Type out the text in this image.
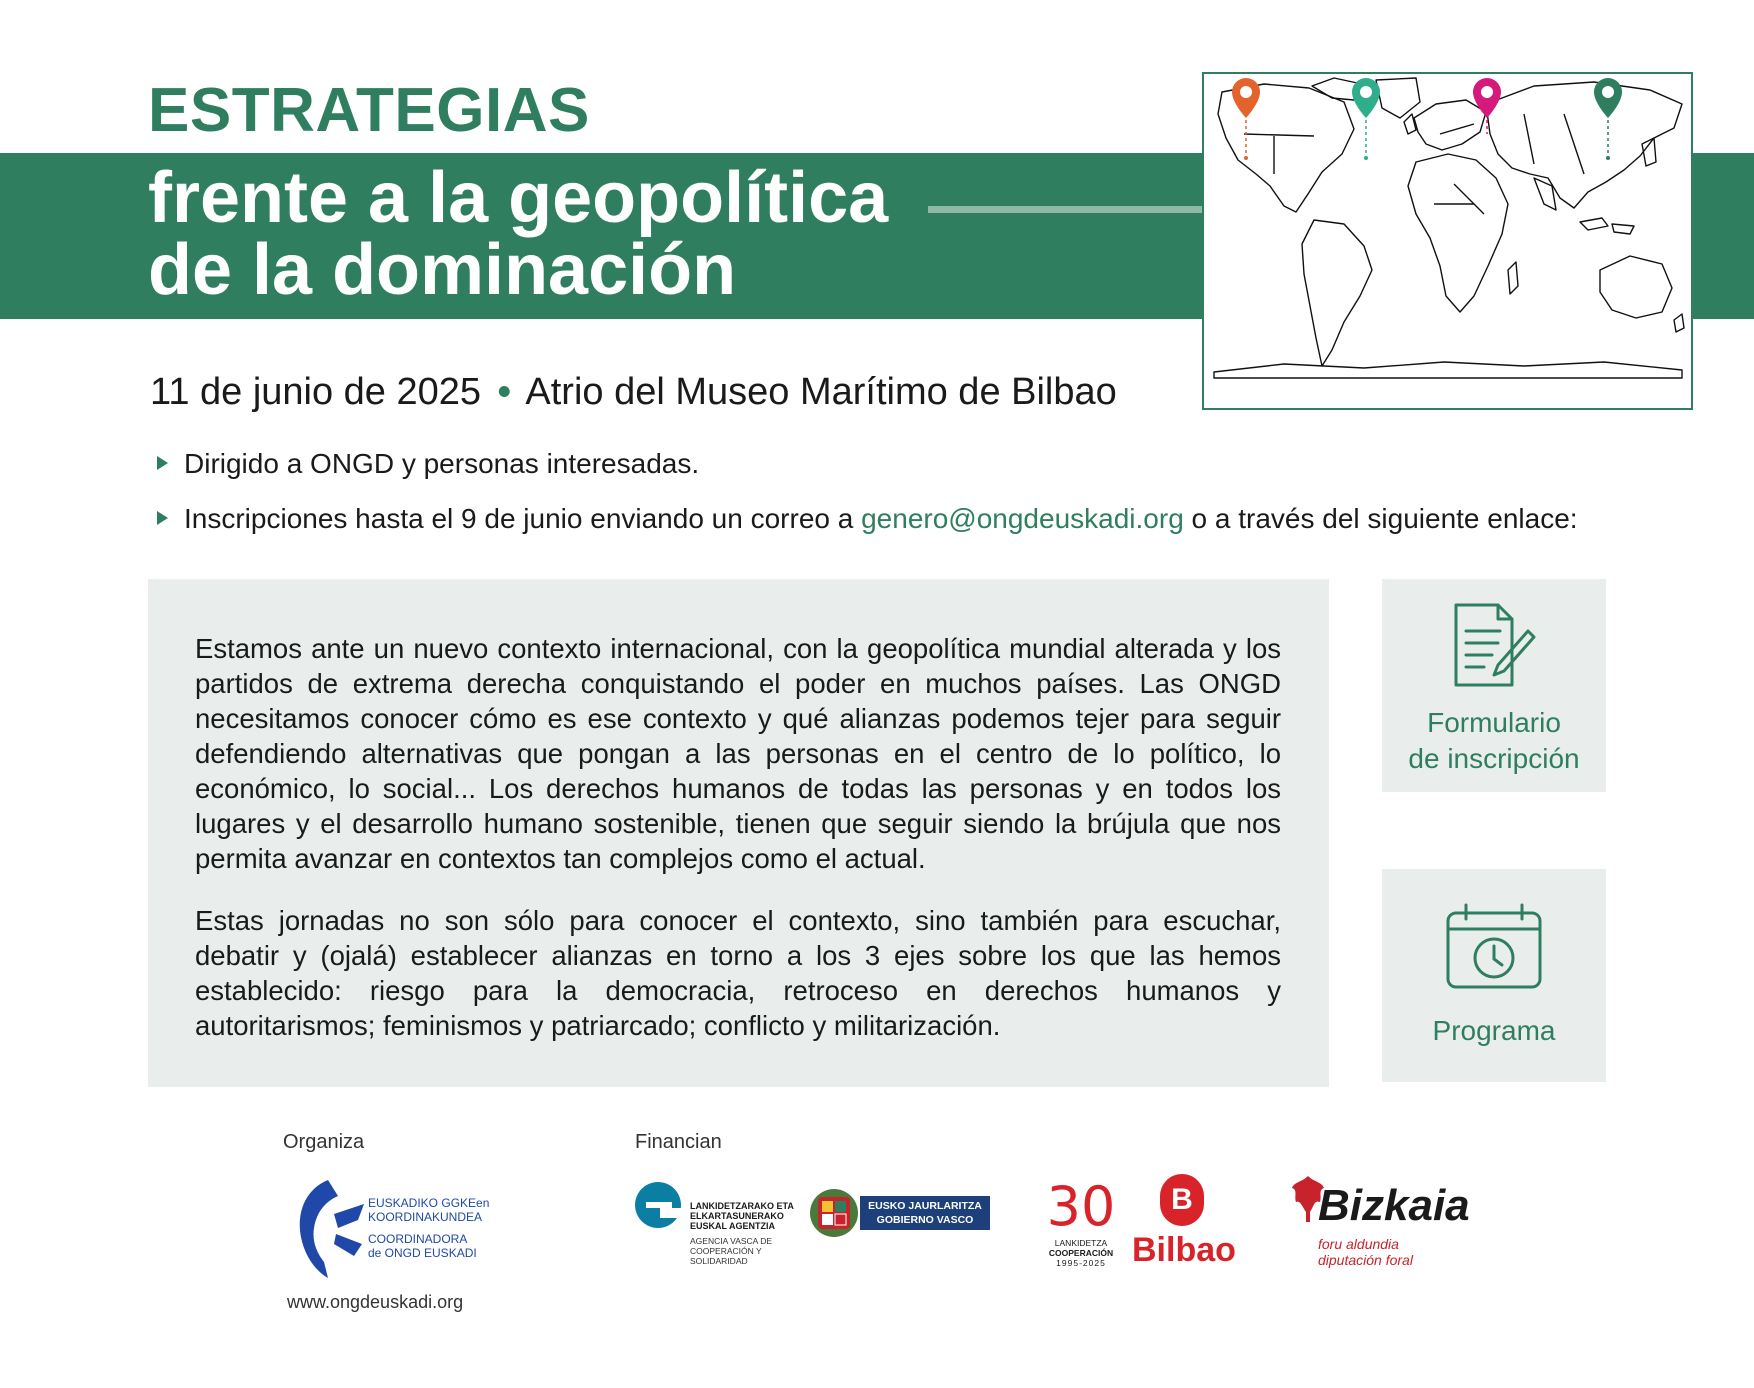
ESTRATEGIAS
frente a la geopolítica
de la dominación
11 de junio de 2025 • Atrio del Museo Marítimo de Bilbao
Dirigido a ONGD y personas interesadas.
Inscripciones hasta el 9 de junio enviando un correo a genero@ongdeuskadi.org o a través del siguiente enlace:

Estamos ante un nuevo contexto internacional, con la geopolítica mundial alterada y los partidos de extrema derecha conquistando el poder en muchos países. Las ONGD necesitamos conocer cómo es ese contexto y qué alianzas podemos tejer para seguir defendiendo alternativas que pongan a las personas en el centro de lo político, lo económico, lo social... Los derechos humanos de todas las personas y en todos los lugares y el desarrollo humano sostenible, tienen que seguir siendo la brújula que nos permita avanzar en contextos tan complejos como el actual.

Estas jornadas no son sólo para conocer el contexto, sino también para escuchar, debatir y (ojalá) establecer alianzas en torno a los 3 ejes sobre los que las hemos establecido: riesgo para la democracia, retroceso en derechos humanos y autoritarismos; feminismos y patriarcado; conflicto y militarización.

Formulario
de inscripción
Programa
Organiza	Financian
EUSKADIKO GGKEen
KOORDINAKUNDEA
COORDINADORA
de ONGD EUSKADI
www.ongdeuskadi.org
LANKIDETZARAKO ETA
ELKARTASUNERAKO
EUSKAL AGENTZIA
AGENCIA VASCA DE
COOPERACIÓN Y
SOLIDARIDAD
EUSKO JAURLARITZA
GOBIERNO VASCO	30
LANKIDETZA
COOPERACIÓN
1995-2025
B
Bilbao
Bizkaia
foru aldundia
diputación foral
